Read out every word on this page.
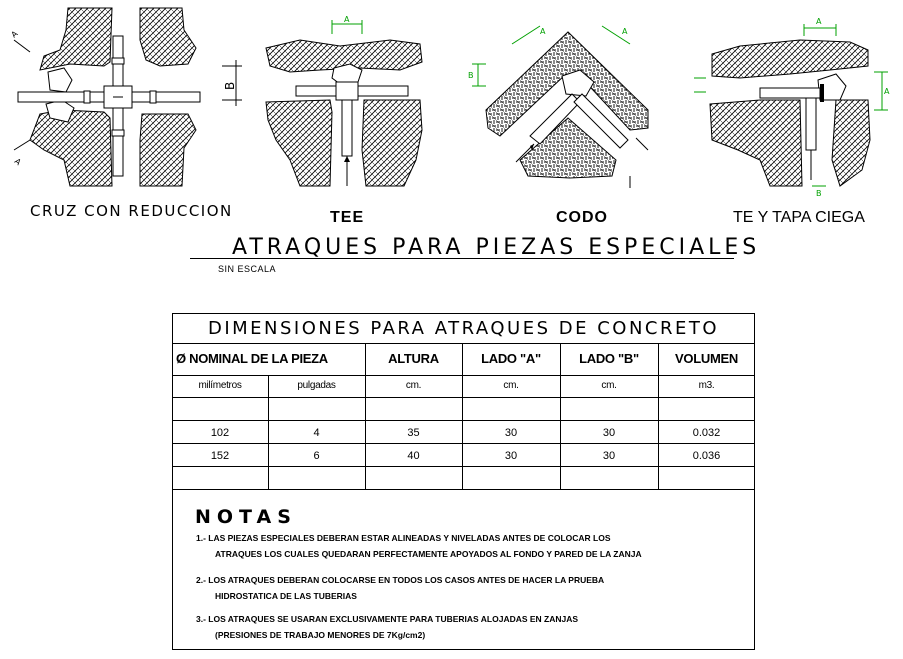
A
A
B
A
B
A	A
A
A
B
CRUZ CON REDUCCION	TEE	CODO	TE Y TAPA CIEGA
ATRAQUES PARA PIEZAS ESPECIALES
SIN ESCALA
DIMENSIONES PARA ATRAQUES DE CONCRETO
Ø NOMINAL DE LA PIEZA	ALTURA	LADO "A"	LADO "B"	VOLUMEN
milímetros	pulgadas	cm.	cm.	cm.	m3.
102	4	35	30	30	0.032
152	6	40	30	30	0.036
NOTAS
1.- LAS PIEZAS ESPECIALES DEBERAN ESTAR ALINEADAS Y NIVELADAS ANTES DE COLOCAR LOS
ATRAQUES LOS CUALES QUEDARAN PERFECTAMENTE APOYADOS AL FONDO Y PARED DE LA ZANJA
2.- LOS ATRAQUES DEBERAN COLOCARSE EN TODOS LOS CASOS ANTES DE HACER LA PRUEBA
HIDROSTATICA DE LAS TUBERIAS
3.- LOS ATRAQUES SE USARAN EXCLUSIVAMENTE PARA TUBERIAS ALOJADAS EN ZANJAS
(PRESIONES DE TRABAJO MENORES DE 7Kg/cm2)
